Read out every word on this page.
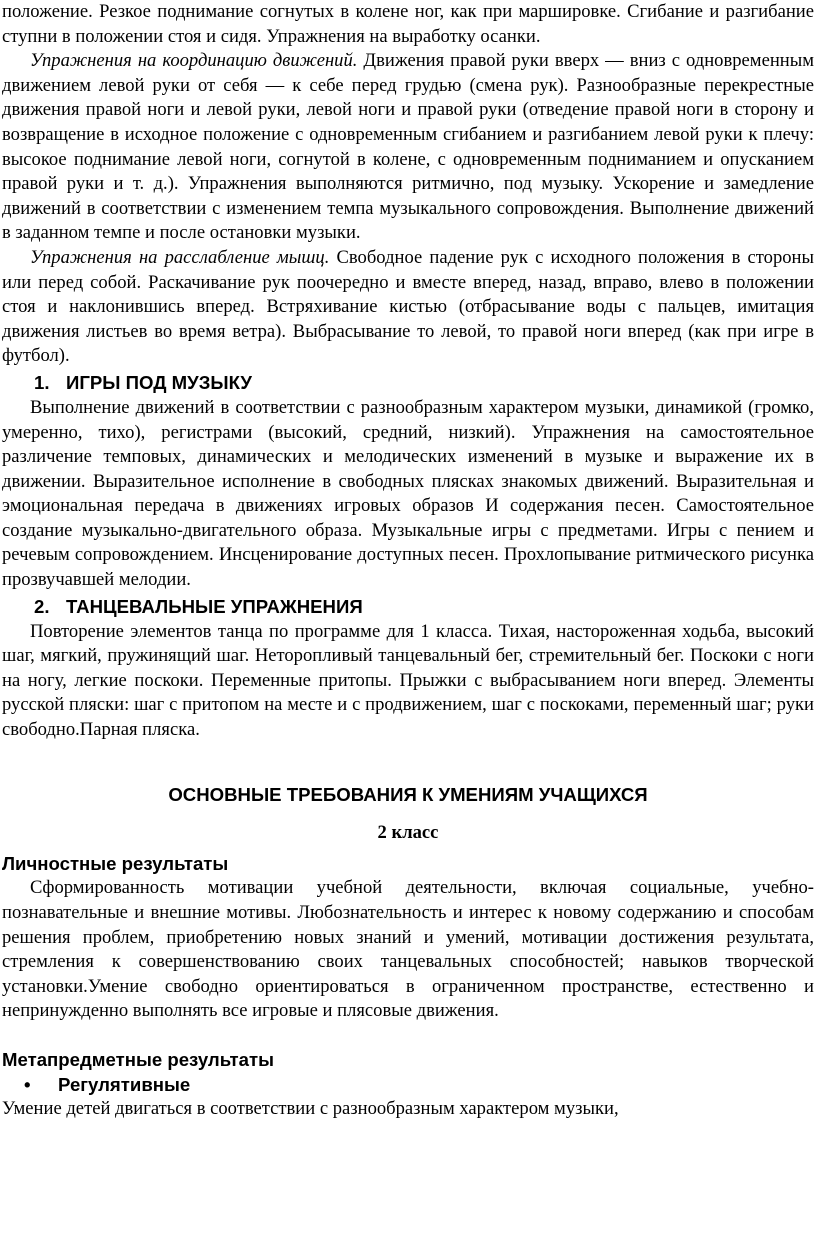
положение. Резкое поднимание согнутых в колене ног, как при маршировке. Сгибание и разгибание ступни в положении стоя и сидя. Упражнения на выработку осанки.

Упражнения на координацию движений. Движения правой руки вверх — вниз с одновременным движением левой руки от себя — к себе перед грудью (смена рук). Разнообразные перекрестные движения правой ноги и левой руки, левой ноги и правой руки (отведение правой ноги в сторону и возвращение в исходное положение с одновременным сгибанием и разгибанием левой руки к плечу: высокое поднимание левой ноги, согнутой в колене, с одновременным подниманием и опусканием правой руки и т. д.). Упражнения выполняются ритмично, под музыку. Ускорение и замедление движений в соответствии с изменением темпа музыкального сопровождения. Выполнение движений в заданном темпе и после остановки музыки.

Упражнения на расслабление мышц. Свободное падение рук с исходного положения в стороны или перед собой. Раскачивание рук поочередно и вместе вперед, назад, вправо, влево в положении стоя и наклонившись вперед. Встряхивание кистью (отбрасывание воды с пальцев, имитация движения листьев во время ветра). Выбрасывание то левой, то правой ноги вперед (как при игре в футбол).

1. ИГРЫ ПОД МУЗЫКУ

Выполнение движений в соответствии с разнообразным характером музыки, динамикой (громко, умеренно, тихо), регистрами (высокий, средний, низкий). Упражнения на самостоятельное различение темповых, динамических и мелодических изменений в музыке и выражение их в движении. Выразительное исполнение в свободных плясках знакомых движений. Выразительная и эмоциональная передача в движениях игровых образов И содержания песен. Самостоятельное создание музыкально-двигательного образа. Музыкальные игры с предметами. Игры с пением и речевым сопровождением. Инсценирование доступных песен. Прохлопывание ритмического рисунка прозвучавшей мелодии.

2. ТАНЦЕВАЛЬНЫЕ УПРАЖНЕНИЯ

Повторение элементов танца по программе для 1 класса. Тихая, настороженная ходьба, высокий шаг, мягкий, пружинящий шаг. Неторопливый танцевальный бег, стремительный бег. Поскоки с ноги на ногу, легкие поскоки. Переменные притопы. Прыжки с выбрасыванием ноги вперед. Элементы русской пляски: шаг с притопом на месте и с продвижением, шаг с поскоками, переменный шаг; руки свободно.Парная пляска.

ОСНОВНЫЕ ТРЕБОВАНИЯ К УМЕНИЯМ УЧАЩИХСЯ

2 класс

Личностные результаты

Сформированность мотивации учебной деятельности, включая социальные, учебно-познавательные и внешние мотивы. Любознательность и интерес к новому содержанию и способам решения проблем, приобретению новых знаний и умений, мотивации достижения результата, стремления к совершенствованию своих танцевальных способностей; навыков творческой установки.Умение свободно ориентироваться в ограниченном пространстве, естественно и непринужденно выполнять все игровые и плясовые движения.

Метапредметные результаты

• Регулятивные

Умение детей двигаться в соответствии с разнообразным характером музыки,
